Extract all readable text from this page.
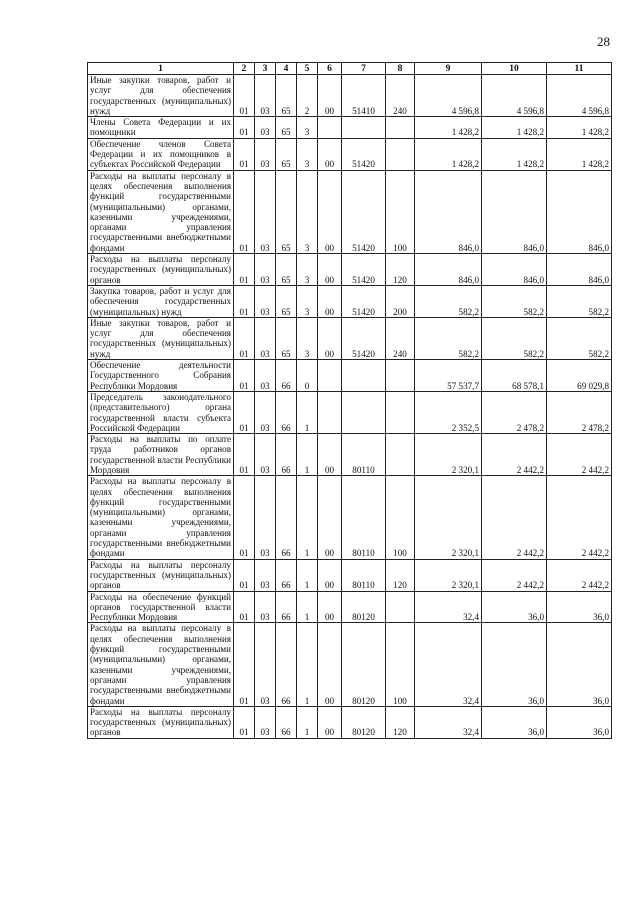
28
1	2	3	4	5	6	7	8	9	10	11
Иные закупки товаров, работ и услуг для обеспечения государственных (муниципальных) нужд	01	03	65	2	00	51410	240	4 596,8	4 596,8	4 596,8
Члены Совета Федерации и их помощники	01	03	65	3				1 428,2	1 428,2	1 428,2
Обеспечение членов Совета Федерации и их помощников в субъектах Российской Федерации	01	03	65	3	00	51420		1 428,2	1 428,2	1 428,2
Расходы на выплаты персоналу в целях обеспечения выполнения функций государственными (муниципальными) органами, казенными учреждениями, органами управления государственными внебюджетными фондами	01	03	65	3	00	51420	100	846,0	846,0	846,0
Расходы на выплаты персоналу государственных (муниципальных) органов	01	03	65	3	00	51420	120	846,0	846,0	846,0
Закупка товаров, работ и услуг для обеспечения государственных (муниципальных) нужд	01	03	65	3	00	51420	200	582,2	582,2	582,2
Иные закупки товаров, работ и услуг для обеспечения государственных (муниципальных) нужд	01	03	65	3	00	51420	240	582,2	582,2	582,2
Обеспечение деятельности Государственного Собрания Республики Мордовия	01	03	66	0				57 537,7	68 578,1	69 029,8
Председатель законодательного (представительного) органа государственной власти субъекта Российской Федерации	01	03	66	1				2 352,5	2 478,2	2 478,2
Расходы на выплаты по оплате труда работников органов государственной власти Республики Мордовия	01	03	66	1	00	80110		2 320,1	2 442,2	2 442,2
Расходы на выплаты персоналу в целях обеспечения выполнения функций государственными (муниципальными) органами, казенными учреждениями, органами управления государственными внебюджетными фондами	01	03	66	1	00	80110	100	2 320,1	2 442,2	2 442,2
Расходы на выплаты персоналу государственных (муниципальных) органов	01	03	66	1	00	80110	120	2 320,1	2 442,2	2 442,2
Расходы на обеспечение функций органов государственной власти Республики Мордовия	01	03	66	1	00	80120		32,4	36,0	36,0
Расходы на выплаты персоналу в целях обеспечения выполнения функций государственными (муниципальными) органами, казенными учреждениями, органами управления государственными внебюджетными фондами	01	03	66	1	00	80120	100	32,4	36,0	36,0
Расходы на выплаты персоналу государственных (муниципальных) органов	01	03	66	1	00	80120	120	32,4	36,0	36,0
